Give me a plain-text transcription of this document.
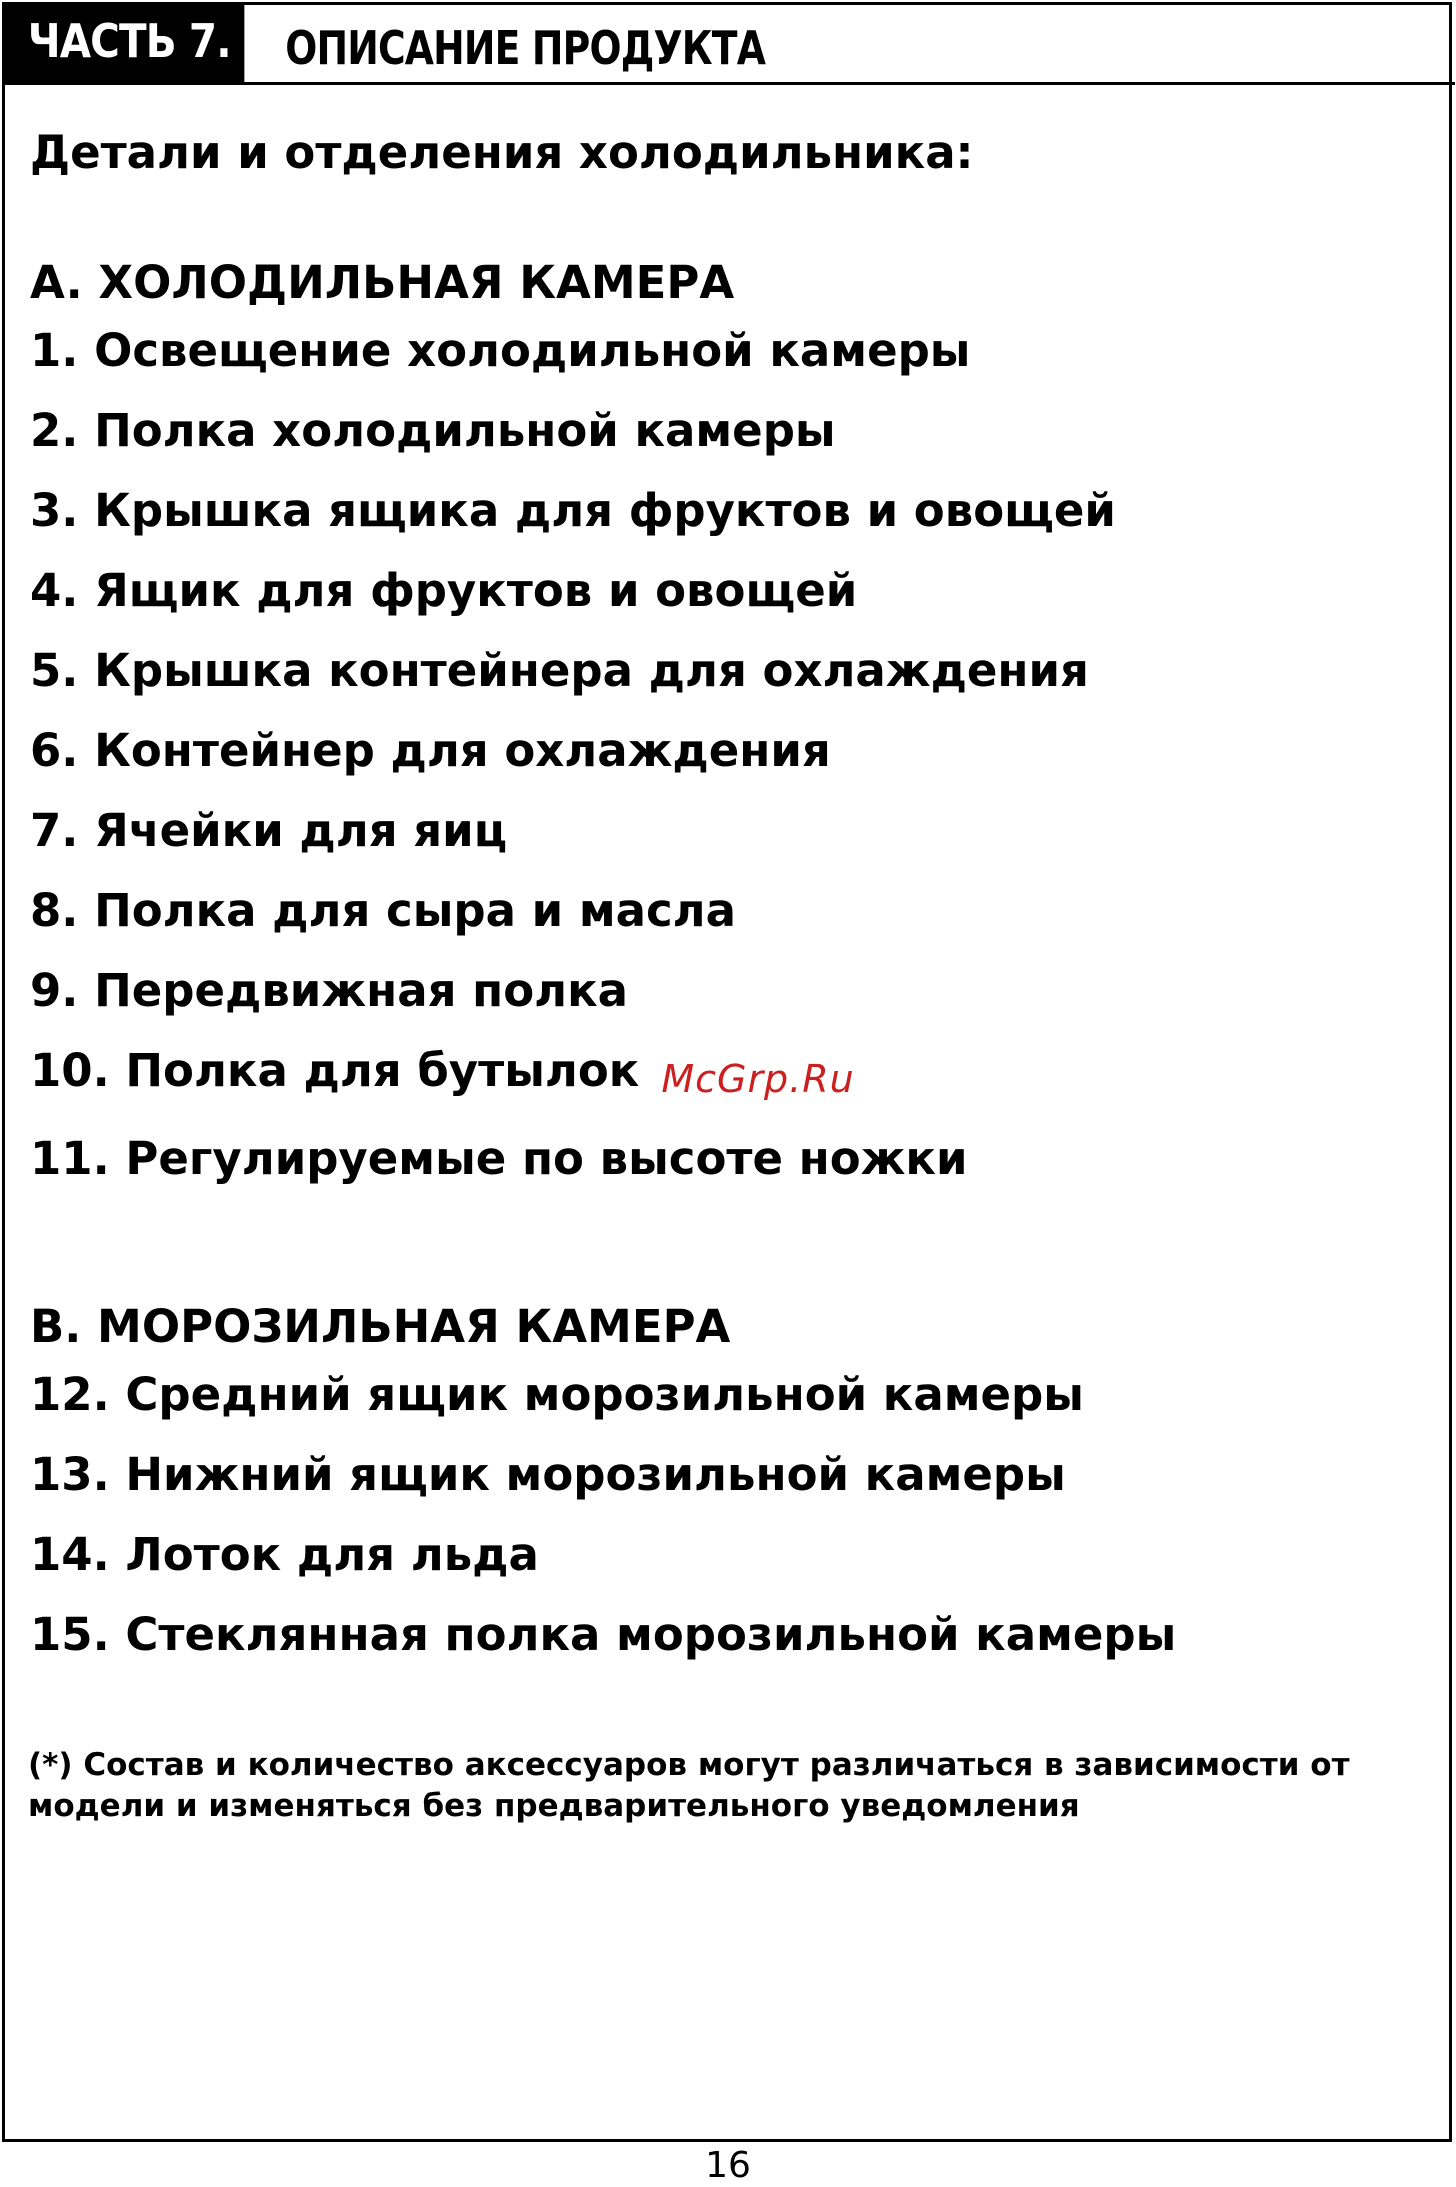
ЧАСТЬ 7. ОПИСАНИЕ ПРОДУКТА

Детали и отделения холодильника:

A. ХОЛОДИЛЬНАЯ КАМЕРА

1. Освещение холодильной камеры
2. Полка холодильной камеры
3. Крышка ящика для фруктов и овощей
4. Ящик для фруктов и овощей
5. Крышка контейнера для охлаждения
6. Контейнер для охлаждения
7. Ячейки для яиц
8. Полка для сыра и масла
9. Передвижная полка
10. Полка для бутылок McGrp.Ru
11. Регулируемые по высоте ножки

B. МОРОЗИЛЬНАЯ КАМЕРА

12. Средний ящик морозильной камеры
13. Нижний ящик морозильной камеры
14. Лоток для льда
15. Стеклянная полка морозильной камеры

(*) Состав и количество аксессуаров могут различаться в зависимости от модели и изменяться без предварительного уведомления

16
